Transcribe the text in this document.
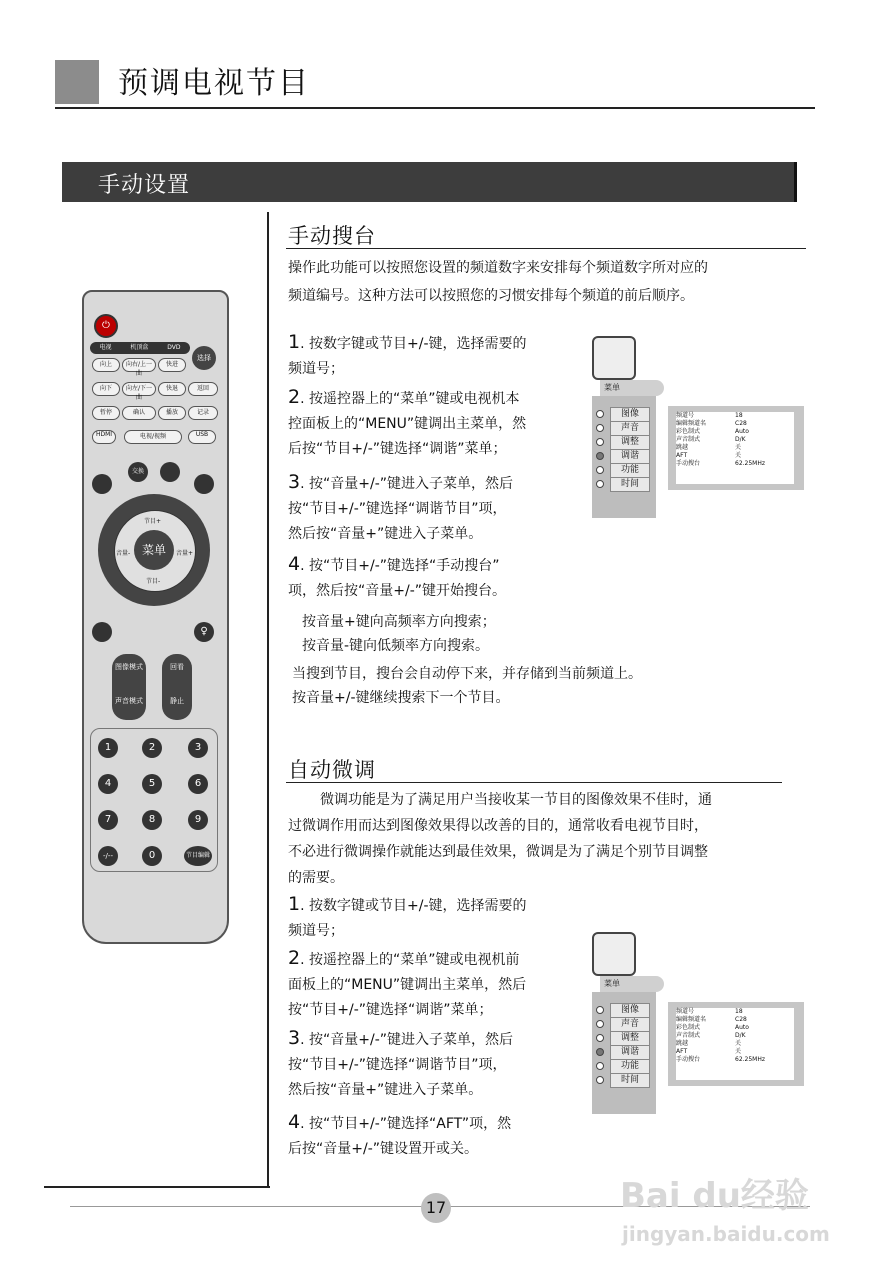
预调电视节目
手动设置
⏻
电视	机顶盒	DVD
选择
向上	向右/上一曲
快进
向下	向左/下一曲
快退	返回
暂停	确认	播放	记录
HDMI	电视/视频	USB
交换
菜单
节目+
节目-
音量-	音量+
♀
图像模式
声音模式
回看
静止
1	2	3
4	5	6
7	8	9
-/--	0	节目编辑
手动搜台
操作此功能可以按照您设置的频道数字来安排每个频道数字所对应的
频道编号。这种方法可以按照您的习惯安排每个频道的前后顺序。
1. 按数字键或节目+/-键，选择需要的
频道号；
2. 按遥控器上的“菜单”键或电视机本
控面板上的“MENU”键调出主菜单，然
后按“节目+/-”键选择“调谐”菜单；
3. 按“音量+/-”键进入子菜单，然后
按“节目+/-”键选择“调谐节目”项，
然后按“音量+”键进入子菜单。
4. 按“节目+/-”键选择“手动搜台”
项，然后按“音量+/-”键开始搜台。
按音量+键向高频率方向搜索；
按音量-键向低频率方向搜索。
当搜到节目，搜台会自动停下来，并存储到当前频道上。
按音量+/-键继续搜索下一个节目。
菜单
图像
声音
调整
调谐
功能
时间
频道号	18
编辑频道名	C28
彩色制式	Auto
声音制式	D/K
跳越	关
AFT	关
手动搜台	62.25MHz
自动微调
微调功能是为了满足用户当接收某一节目的图像效果不佳时，通
过微调作用而达到图像效果得以改善的目的，通常收看电视节目时，
不必进行微调操作就能达到最佳效果，微调是为了满足个别节目调整
的需要。
1. 按数字键或节目+/-键，选择需要的
频道号；
2. 按遥控器上的“菜单”键或电视机前
面板上的“MENU”键调出主菜单，然后
按“节目+/-”键选择“调谐”菜单；
3. 按“音量+/-”键进入子菜单，然后
按“节目+/-”键选择“调谐节目”项，
然后按“音量+”键进入子菜单。
4. 按“节目+/-”键选择“AFT”项，然
后按“音量+/-”键设置开或关。
菜单
图像
声音
调整
调谐
功能
时间
频道号	18
编辑频道名	C28
彩色制式	Auto
声音制式	D/K
跳越	关
AFT	关
手动搜台	62.25MHz
17	Bai du经验
jingyan.baidu.com
